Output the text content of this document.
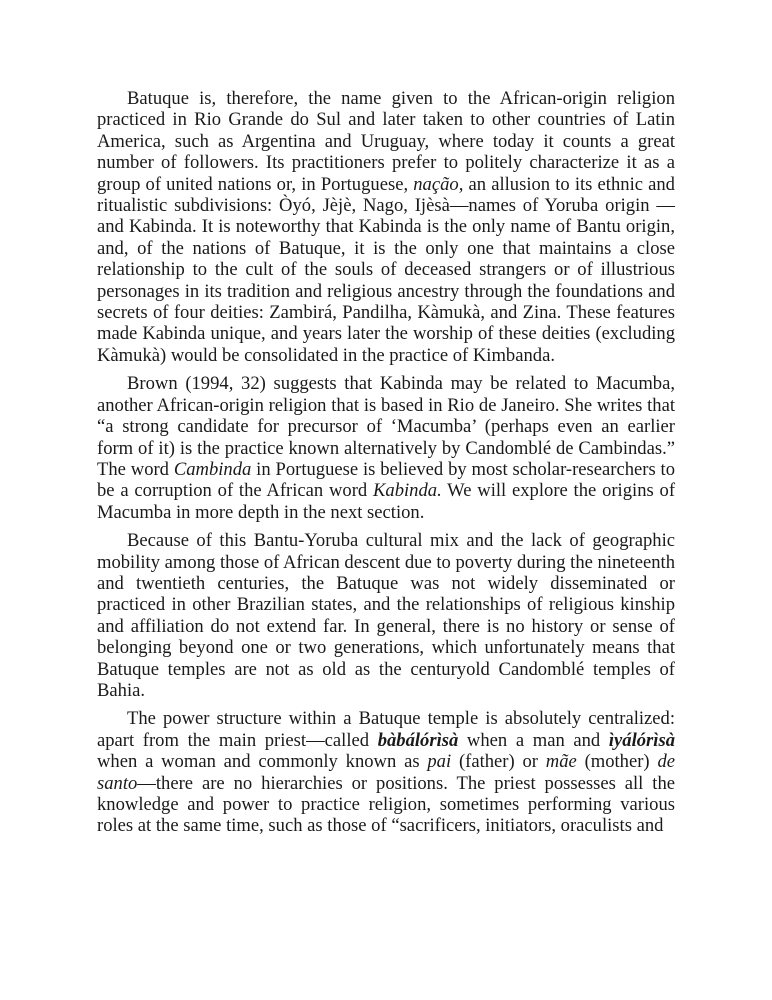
Batuque is, therefore, the name given to the African-origin religion practiced in Rio Grande do Sul and later taken to other countries of Latin America, such as Argentina and Uruguay, where today it counts a great number of followers. Its practitioners prefer to politely characterize it as a group of united nations or, in Portuguese, nação, an allusion to its ethnic and ritualistic subdivisions: Òyó, Jèjè, Nago, Ijèsà—names of Yoruba origin —and Kabinda. It is noteworthy that Kabinda is the only name of Bantu origin, and, of the nations of Batuque, it is the only one that maintains a close relationship to the cult of the souls of deceased strangers or of illustrious personages in its tradition and religious ancestry through the foundations and secrets of four deities: Zambirá, Pandilha, Kàmukà, and Zina. These features made Kabinda unique, and years later the worship of these deities (excluding Kàmukà) would be consolidated in the practice of Kimbanda.

Brown (1994, 32) suggests that Kabinda may be related to Macumba, another African-origin religion that is based in Rio de Janeiro. She writes that “a strong candidate for precursor of ‘Macumba’ (perhaps even an earlier form of it) is the practice known alternatively by Candomblé de Cambindas.” The word Cambinda in Portuguese is believed by most scholar-researchers to be a corruption of the African word Kabinda. We will explore the origins of Macumba in more depth in the next section.

Because of this Bantu-Yoruba cultural mix and the lack of geographic mobility among those of African descent due to poverty during the nineteenth and twentieth centuries, the Batuque was not widely disseminated or practiced in other Brazilian states, and the relationships of religious kinship and affiliation do not extend far. In general, there is no history or sense of belonging beyond one or two generations, which unfortunately means that Batuque temples are not as old as the centuryold Candomblé temples of Bahia.

The power structure within a Batuque temple is absolutely centralized: apart from the main priest—called bàbálórìsà when a man and ìyálórìsà when a woman and commonly known as pai (father) or mãe (mother) de santo—there are no hierarchies or positions. The priest possesses all the knowledge and power to practice religion, sometimes performing various roles at the same time, such as those of “sacrificers, initiators, oraculists and
